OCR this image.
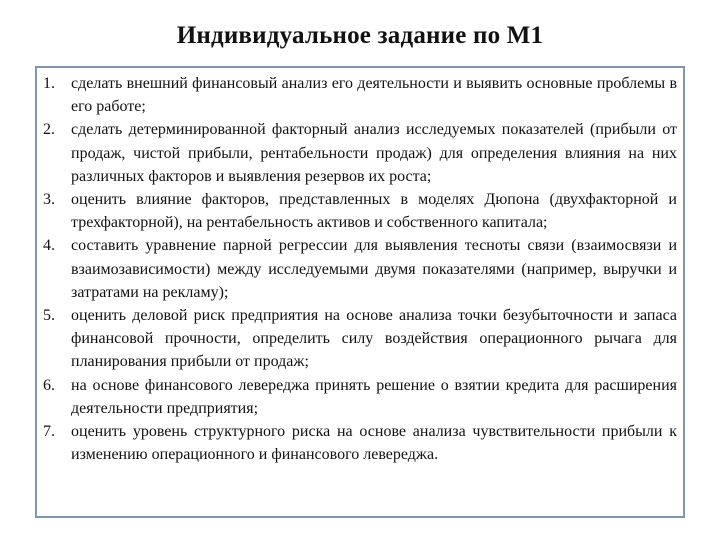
Индивидуальное задание по М1
1.	сделать внешний финансовый анализ его деятельности и выявить основные проблемы в его работе;
2.	сделать детерминированной факторный анализ исследуемых показателей (прибыли от продаж, чистой прибыли, рентабельности продаж) для определения влияния на них различных факторов и выявления резервов их роста;
3.	оценить влияние факторов, представленных в моделях Дюпона (двухфакторной и трехфакторной), на рентабельность активов и собственного капитала;
4.	составить уравнение парной регрессии для выявления тесноты связи (взаимосвязи и взаимозависимости) между исследуемыми двумя показателями (например, выручки и затратами на рекламу);
5.	оценить деловой риск предприятия на основе анализа точки безубыточности и запаса финансовой прочности, определить силу воздействия операционного рычага для планирования прибыли от продаж;
6.	на основе финансового левереджа принять решение о взятии кредита для расширения деятельности предприятия;
7.	оценить уровень структурного риска на основе анализа чувствительности прибыли к изменению операционного и финансового левереджа.
